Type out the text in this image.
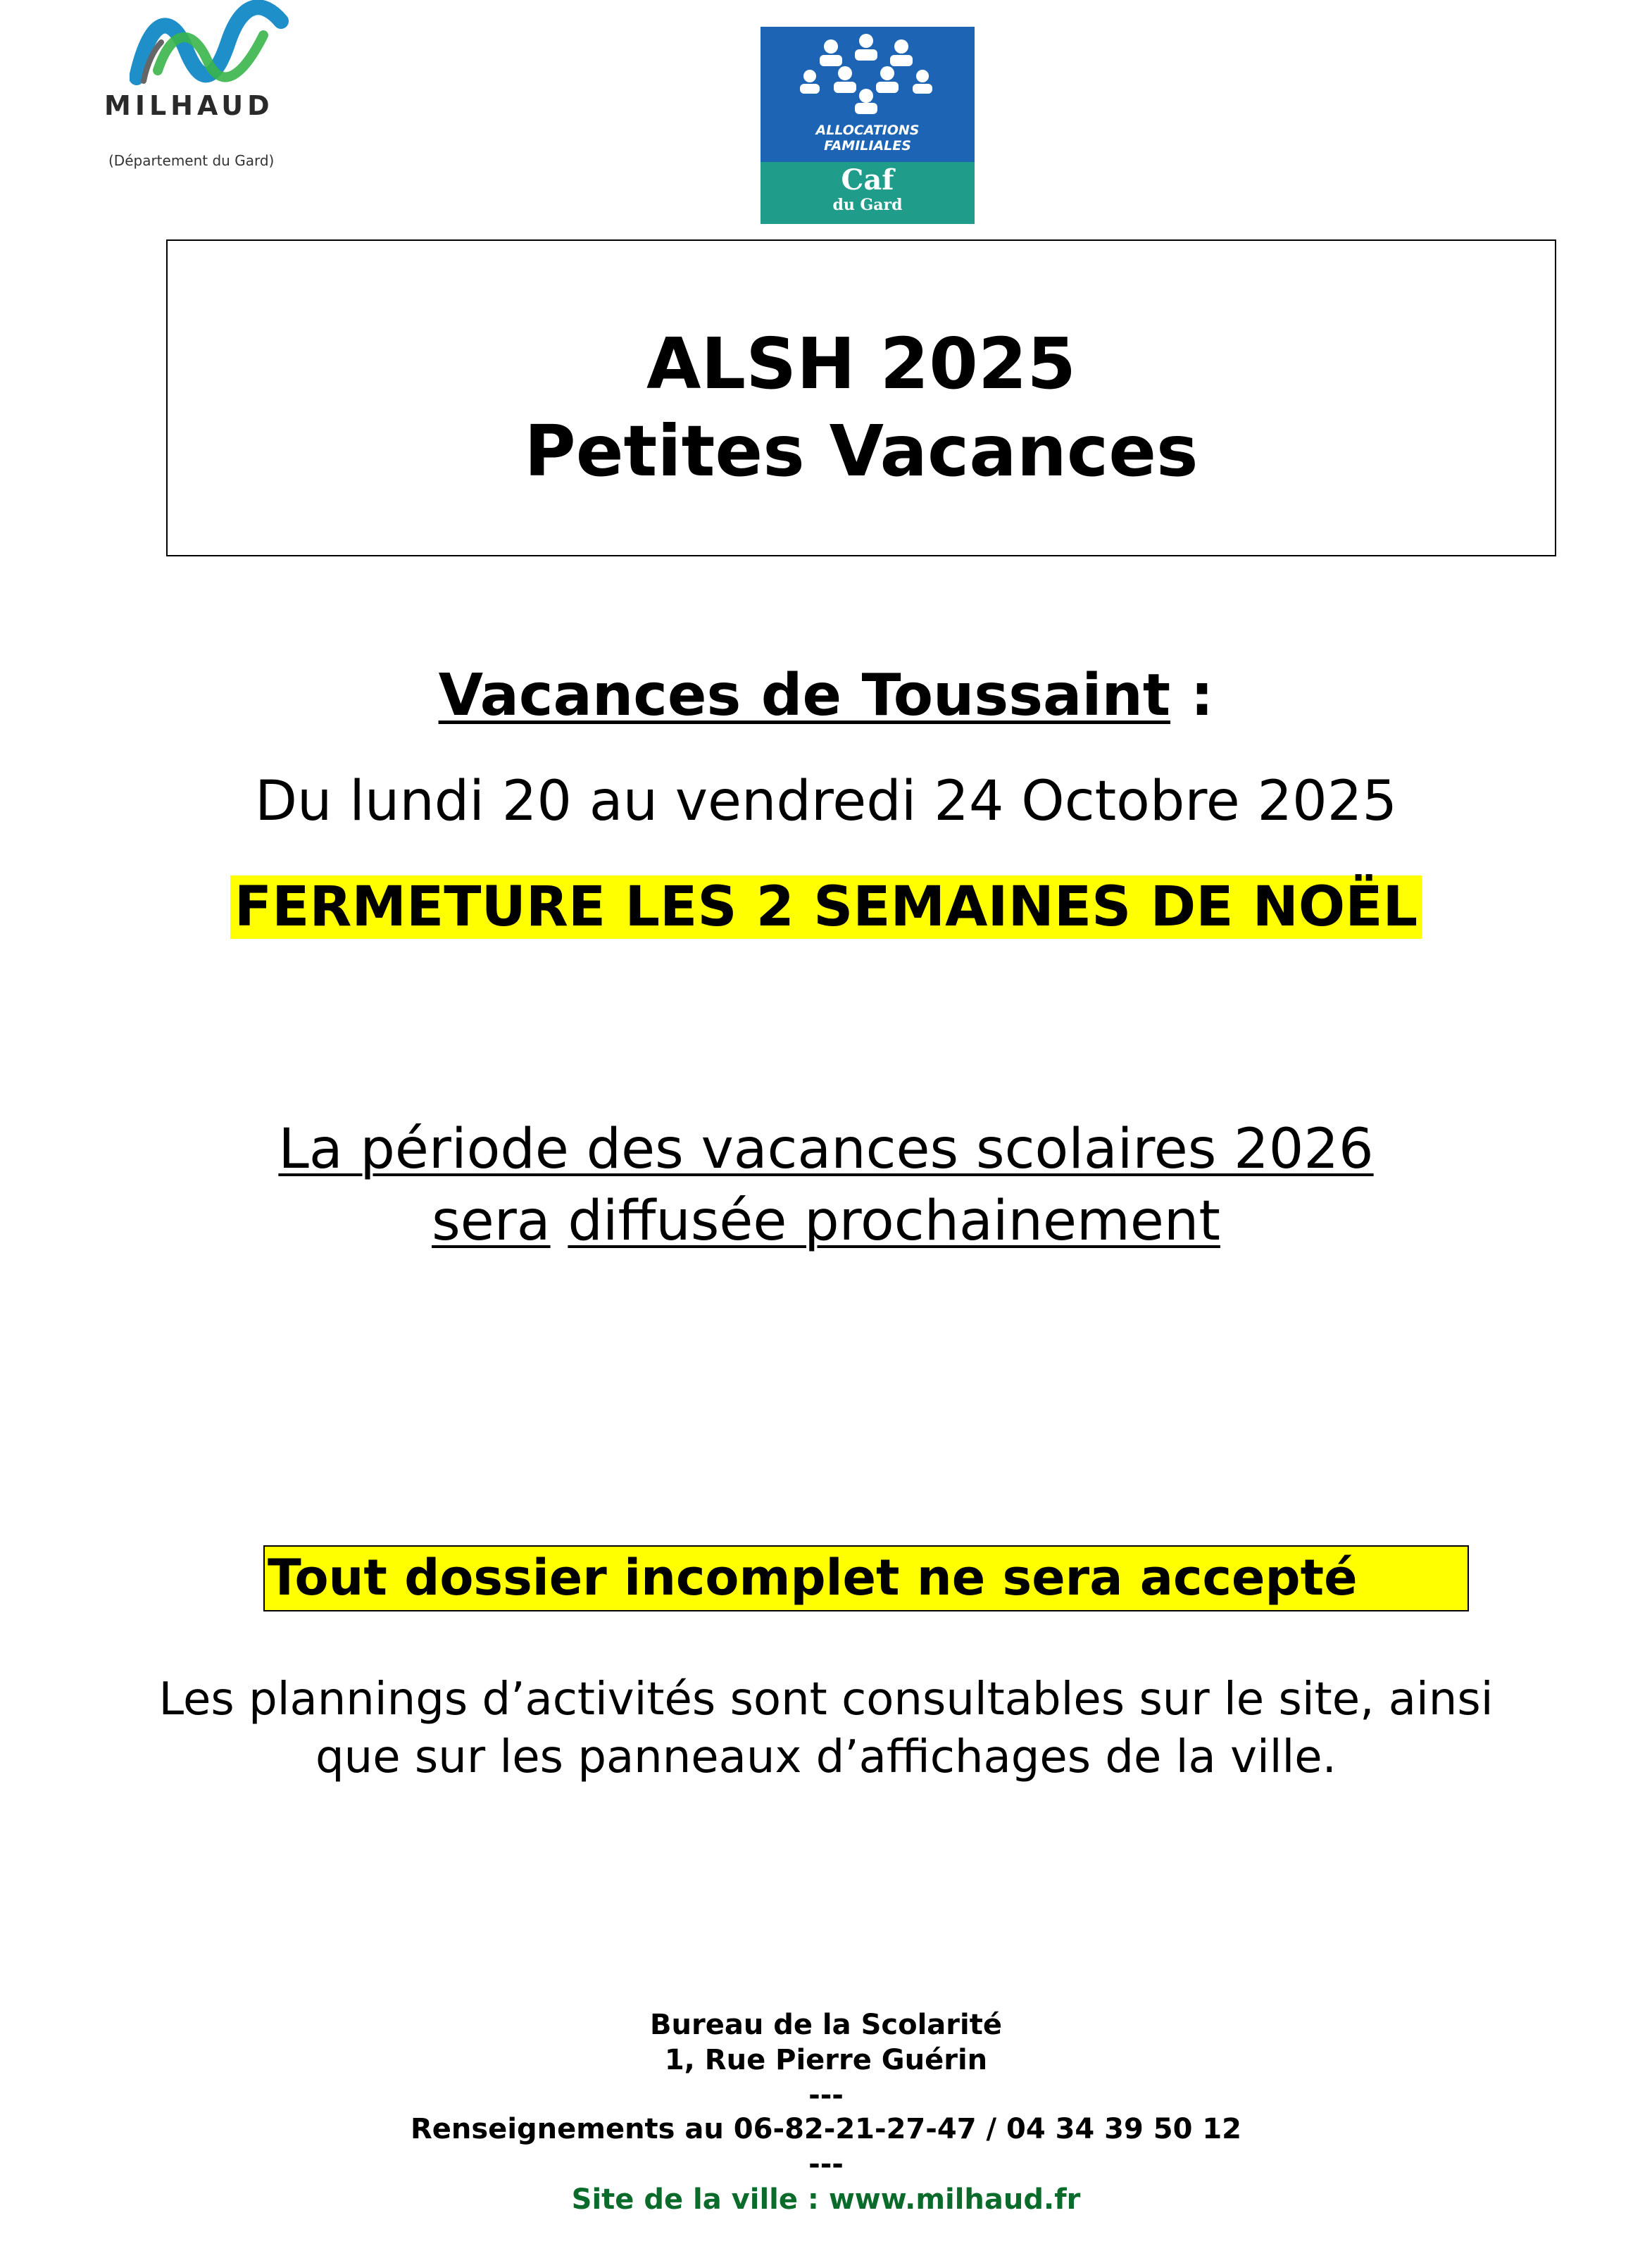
MILHAUD
(Département du Gard)
ALLOCATIONS
FAMILIALES
Caf
du Gard
ALSH 2025
Petites Vacances
Vacances de Toussaint :
Du lundi 20 au vendredi 24 Octobre 2025
FERMETURE LES 2 SEMAINES DE NOËL
La période des vacances scolaires 2026
sera diffusée prochainement
Tout dossier incomplet ne sera accepté
Les plannings d’activités sont consultables sur le site, ainsi
que sur les panneaux d’affichages de la ville.
Bureau de la Scolarité
1, Rue Pierre Guérin
---
Renseignements au 06-82-21-27-47 / 04 34 39 50 12
---
Site de la ville : www.milhaud.fr
